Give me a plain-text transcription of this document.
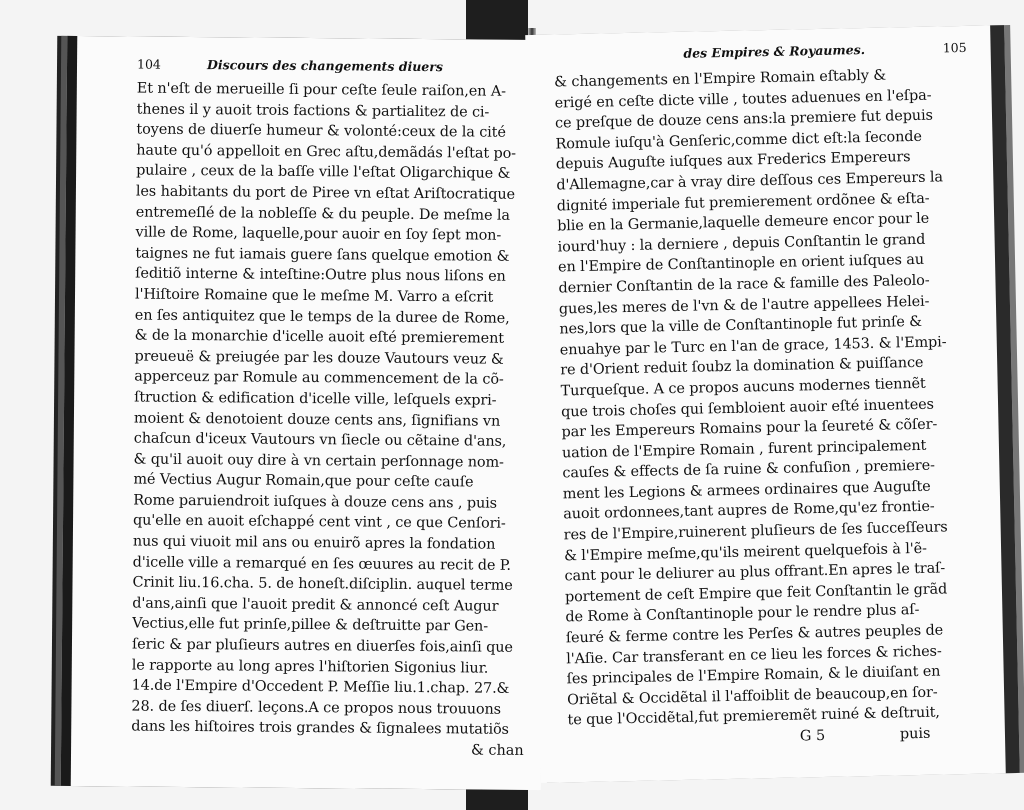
104	Discours des changements diuers
Et n'eſt de merueille ſi pour ceſte ſeule raiſon,en A-
thenes il y auoit trois factions & partialitez de ci-
toyens de diuerſe humeur & volonté:ceux de la cité
haute qu'ó appelloit en Grec aſtu,demãdás l'eſtat po-
pulaire , ceux de la baſſe ville l'eſtat Oligarchique &
les habitants du port de Piree vn eſtat Ariſtocratique
entremeſlé de la nobleſſe & du peuple. De meſme la
ville de Rome, laquelle,pour auoir en ſoy ſept mon-
taignes ne fut iamais guere ſans quelque emotion &
ſeditiõ interne & inteſtine:Outre plus nous liſons en
l'Hiſtoire Romaine que le meſme M. Varro a eſcrit
en ſes antiquitez que le temps de la duree de Rome,
& de la monarchie d'icelle auoit eſté premierement
preueuë & preiugée par les douze Vautours veuz &
apperceuz par Romule au commencement de la cõ-
ſtruction & edification d'icelle ville, leſquels expri-
moient & denotoient douze cents ans, ſignifians vn
chaſcun d'iceux Vautours vn ſiecle ou cẽtaine d'ans,
& qu'il auoit ouy dire à vn certain perſonnage nom-
mé Vectius Augur Romain,que pour ceſte cauſe
Rome paruiendroit iuſques à douze cens ans , puis
qu'elle en auoit eſchappé cent vint , ce que Cenſori-
nus qui viuoit mil ans ou enuirõ apres la fondation
d'icelle ville a remarqué en ſes œuures au recit de P.
Crinit liu.16.cha. 5. de honeſt.diſciplin. auquel terme
d'ans,ainſi que l'auoit predit & annoncé ceſt Augur
Vectius,elle fut prinſe,pillee & deſtruitte par Gen-
ſeric & par pluſieurs autres en diuerſes fois,ainſi que
le rapporte au long apres l'hiſtorien Sigonius liur.
14.de l'Empire d'Occedent P. Meſſie liu.1.chap. 27.&
28. de ſes diuerſ. leçons.A ce propos nous trouuons
dans les hiſtoires trois grandes & ſignalees mutatiõs
& chan
des Empires & Royaumes.	105
& changements en l'Empire Romain eſtably &
erigé en ceſte dicte ville , toutes aduenues en l'eſpa-
ce preſque de douze cens ans:la premiere fut depuis
Romule iuſqu'à Genſeric,comme dict eſt:la ſeconde
depuis Auguſte iuſques aux Frederics Empereurs
d'Allemagne,car à vray dire deſſous ces Empereurs la
dignité imperiale fut premierement ordõnee & eſta-
blie en la Germanie,laquelle demeure encor pour le
iourd'huy : la derniere , depuis Conſtantin le grand
en l'Empire de Conſtantinople en orient iuſques au
dernier Conſtantin de la race & famille des Paleolo-
gues,les meres de l'vn & de l'autre appellees Helei-
nes,lors que la ville de Conſtantinople fut prinſe &
enuahye par le Turc en l'an de grace, 1453. & l'Empi-
re d'Orient reduit ſoubz la domination & puiſſance
Turqueſque. A ce propos aucuns modernes tiennẽt
que trois choſes qui ſembloient auoir eſté inuentees
par les Empereurs Romains pour la ſeureté & cõſer-
uation de l'Empire Romain , furent principalement
cauſes & effects de ſa ruine & confuſion , premiere-
ment les Legions & armees ordinaires que Auguſte
auoit ordonnees,tant aupres de Rome,qu'ez frontie-
res de l'Empire,ruinerent pluſieurs de ſes ſucceſſeurs
& l'Empire meſme,qu'ils meirent quelquefois à l'ẽ-
cant pour le deliurer au plus offrant.En apres le traſ-
portement de ceſt Empire que feit Conſtantin le grãd
de Rome à Conſtantinople pour le rendre plus aſ-
ſeuré & ferme contre les Perſes & autres peuples de
l'Aſie. Car transferant en ce lieu les forces & riches-
ſes principales de l'Empire Romain, & le diuiſant en
Oriẽtal & Occidẽtal il l'affoiblit de beaucoup,en ſor-
te que l'Occidẽtal,fut premieremẽt ruiné & deſtruit,
G 5	puis
